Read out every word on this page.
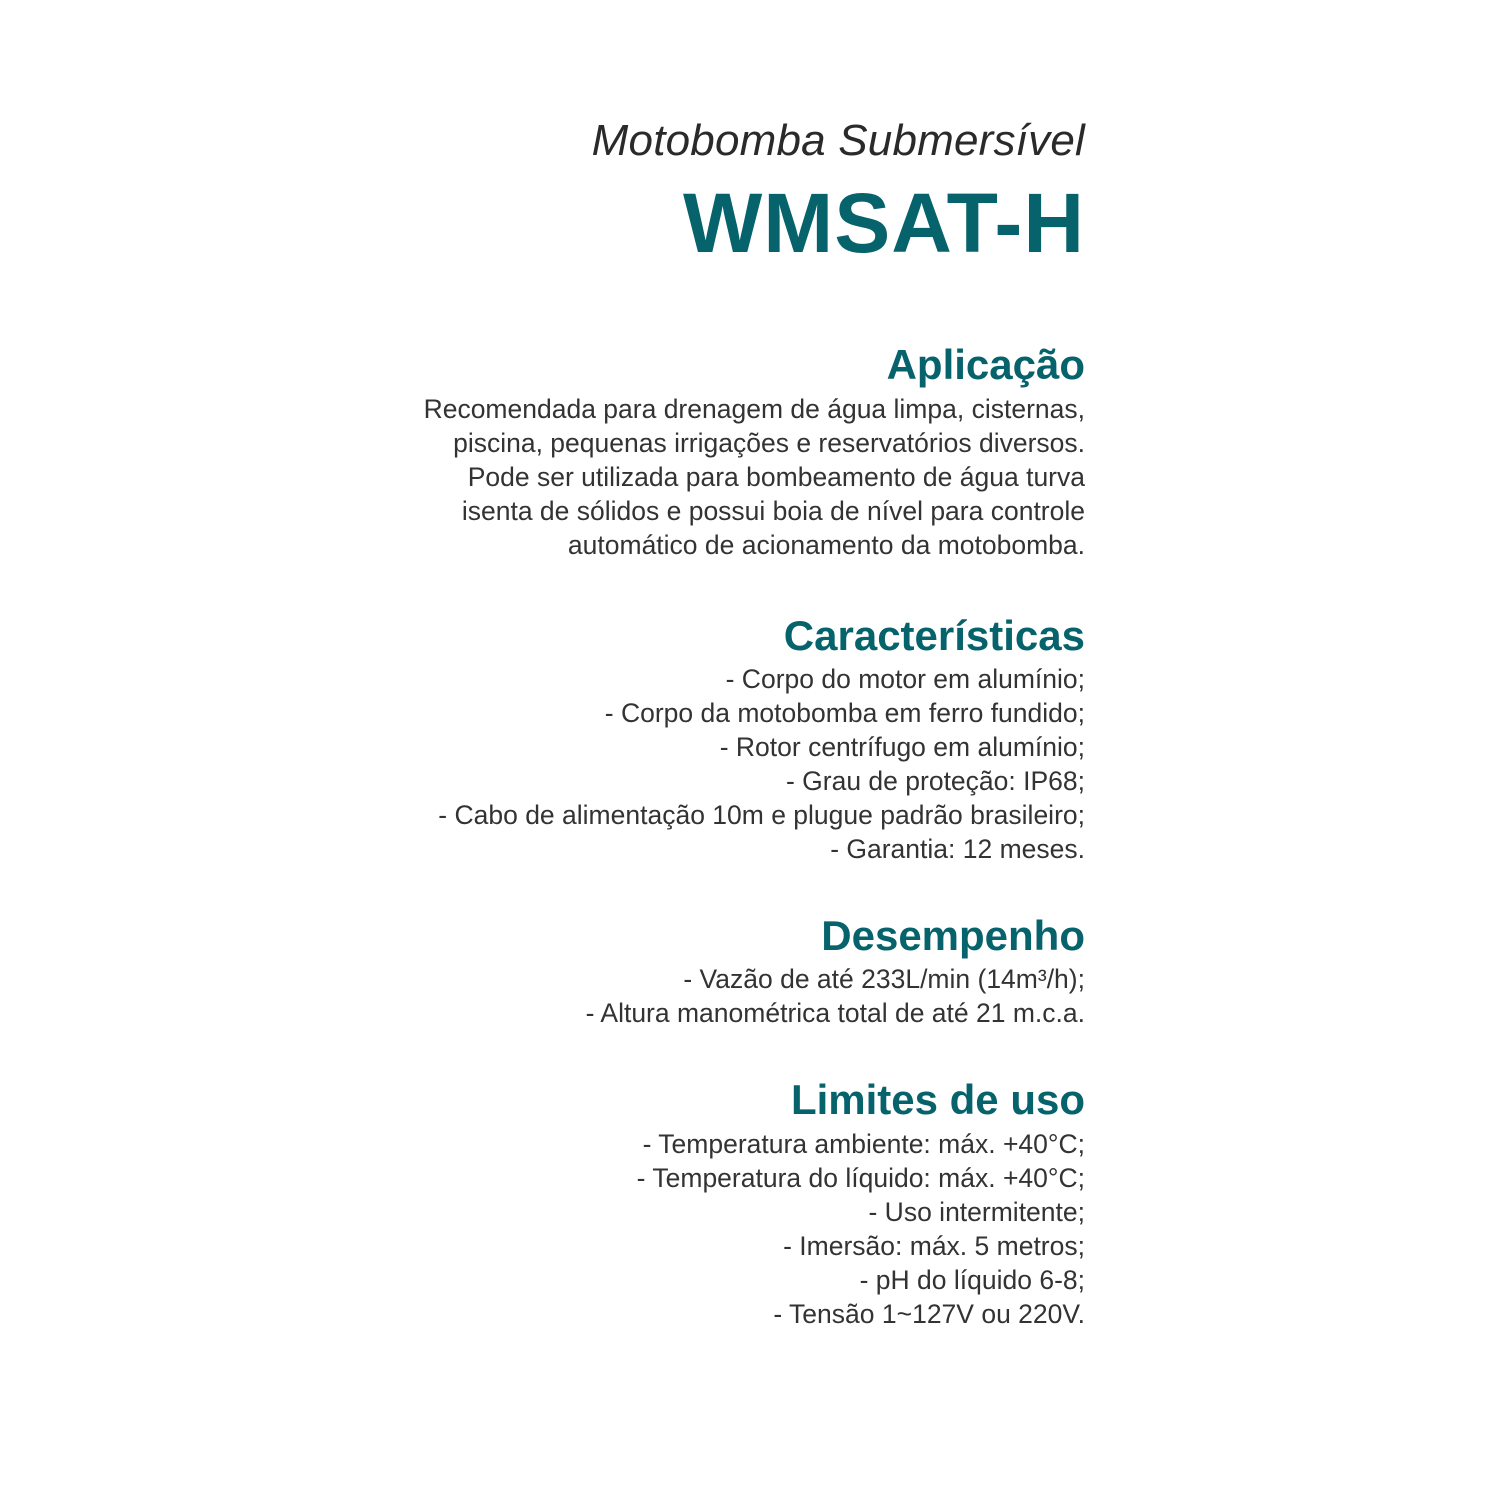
Motobomba Submersível
WMSAT-H
Aplicação
Recomendada para drenagem de água limpa, cisternas,
piscina, pequenas irrigações e reservatórios diversos.
Pode ser utilizada para bombeamento de água turva
isenta de sólidos e possui boia de nível para controle
automático de acionamento da motobomba.
Características
- Corpo do motor em alumínio;
- Corpo da motobomba em ferro fundido;
- Rotor centrífugo em alumínio;
- Grau de proteção: IP68;
- Cabo de alimentação 10m e plugue padrão brasileiro;
- Garantia: 12 meses.
Desempenho
- Vazão de até 233L/min (14m³/h);
- Altura manométrica total de até 21 m.c.a.
Limites de uso
- Temperatura ambiente: máx. +40°C;
- Temperatura do líquido: máx. +40°C;
- Uso intermitente;
- Imersão: máx. 5 metros;
- pH do líquido 6-8;
- Tensão 1~127V ou 220V.
